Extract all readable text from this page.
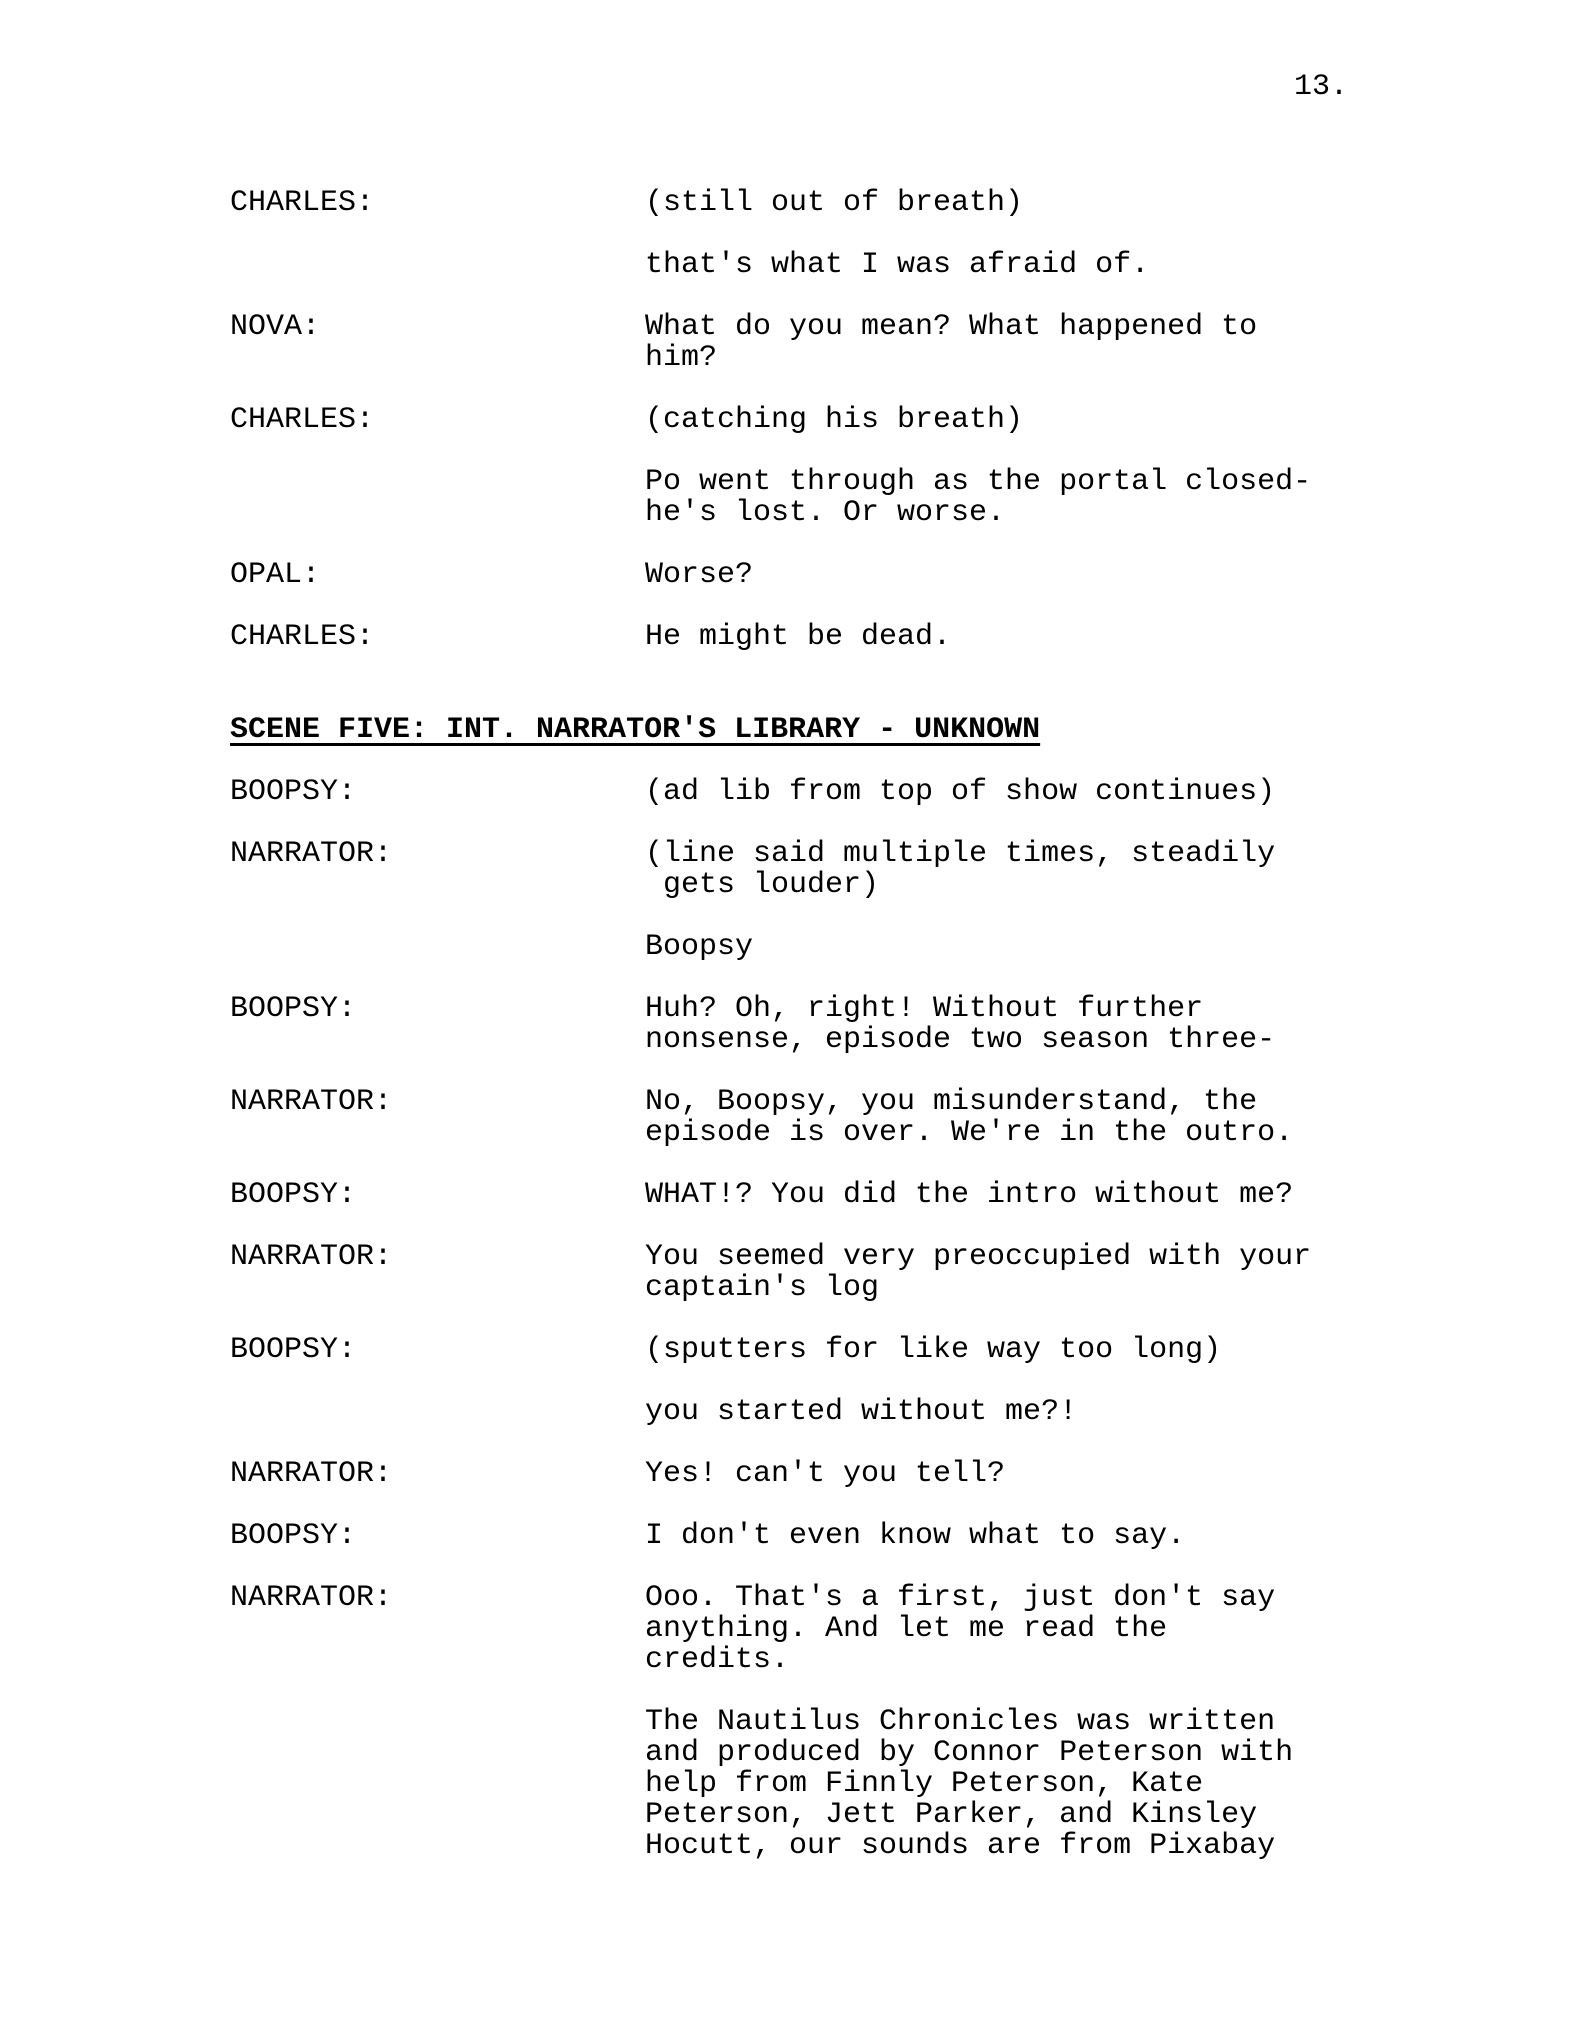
13.
CHARLES:	(still out of breath)
that's what I was afraid of.
NOVA:	What do you mean? What happened to
him?
CHARLES:	(catching his breath)
Po went through as the portal closed-
he's lost. Or worse.
OPAL:	Worse?
CHARLES:	He might be dead.
SCENE FIVE: INT. NARRATOR'S LIBRARY - UNKNOWN
BOOPSY:	(ad lib from top of show continues)
NARRATOR:	(line said multiple times, steadily
gets louder)
Boopsy
BOOPSY:	Huh? Oh, right! Without further
nonsense, episode two season three-
NARRATOR:	No, Boopsy, you misunderstand, the
episode is over. We're in the outro.
BOOPSY:	WHAT!? You did the intro without me?
NARRATOR:	You seemed very preoccupied with your
captain's log
BOOPSY:	(sputters for like way too long)
you started without me?!
NARRATOR:	Yes! can't you tell?
BOOPSY:	I don't even know what to say.
NARRATOR:	Ooo. That's a first, just don't say
anything. And let me read the
credits.
The Nautilus Chronicles was written
and produced by Connor Peterson with
help from Finnly Peterson, Kate
Peterson, Jett Parker, and Kinsley
Hocutt, our sounds are from Pixabay
